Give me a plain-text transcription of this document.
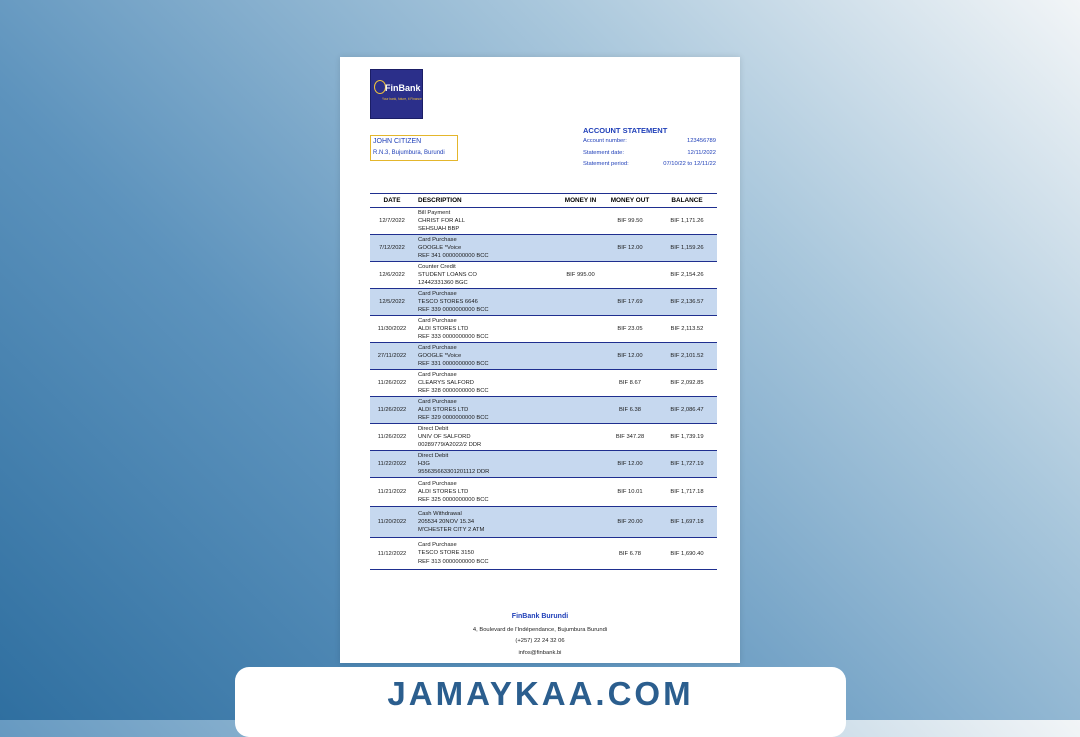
FinBank
Your bank, future, it Finance
JOHN CITIZEN
R.N.3, Bujumbura, Burundi
ACCOUNT STATEMENT
Account number:	123456789
Statement date:	12/11/2022
Statement period:	07/10/22 to 12/11/22
DATE	DESCRIPTION	MONEY IN	MONEY OUT	BALANCE
12/7/2022	Bill Payment
CHRIST FOR ALL
SEHSUAH BBP		BIF 99.50	BIF 1,171.26
7/12/2022	Card Purchase
GOOGLE *Voice
REF 341 0000000000 BCC		BIF 12.00	BIF 1,159.26
12/6/2022	Counter Credit
STUDENT LOANS CO
12442331360 BGC	BIF 995.00		BIF 2,154.26
12/5/2022	Card Purchase
TESCO STORES 6646
REF 339 0000000000 BCC		BIF 17.69	BIF 2,136.57
11/30/2022	Card Purchase
ALDI STORES LTD
REF 333 0000000000 BCC		BIF 23.05	BIF 2,113.52
27/11/2022	Card Purchase
GOOGLE *Voice
REF 331 0000000000 BCC		BIF 12.00	BIF 2,101.52
11/26/2022	Card Purchase
CLEARYS SALFORD
REF 328 0000000000 BCC		BIF 8.67	BIF 2,092.85
11/26/2022	Card Purchase
ALDI STORES LTD
REF 329 0000000000 BCC		BIF 6.38	BIF 2,086.47
11/26/2022	Direct Debit
UNIV OF SALFORD
00289779/A2022/2 DDR		BIF 347.28	BIF 1,739.19
11/22/2022	Direct Debit
H3G
955635663301201112 DDR		BIF 12.00	BIF 1,727.19
11/21/2022	Card Purchase
ALDI STORES LTD
REF 325 0000000000 BCC		BIF 10.01	BIF 1,717.18
11/20/2022	Cash Withdrawal
205534 20NOV 15.34
M'CHESTER CITY 2 ATM		BIF 20.00	BIF 1,697.18
11/12/2022	Card Purchase
TESCO STORE 3150
REF 313 0000000000 BCC		BIF 6.78	BIF 1,690.40
FinBank Burundi
4, Boulevard de l'Indépendance, Bujumbura Burundi
(+257) 22 24 32 06
infos@finbank.bi
JAMAYKAA.COM
